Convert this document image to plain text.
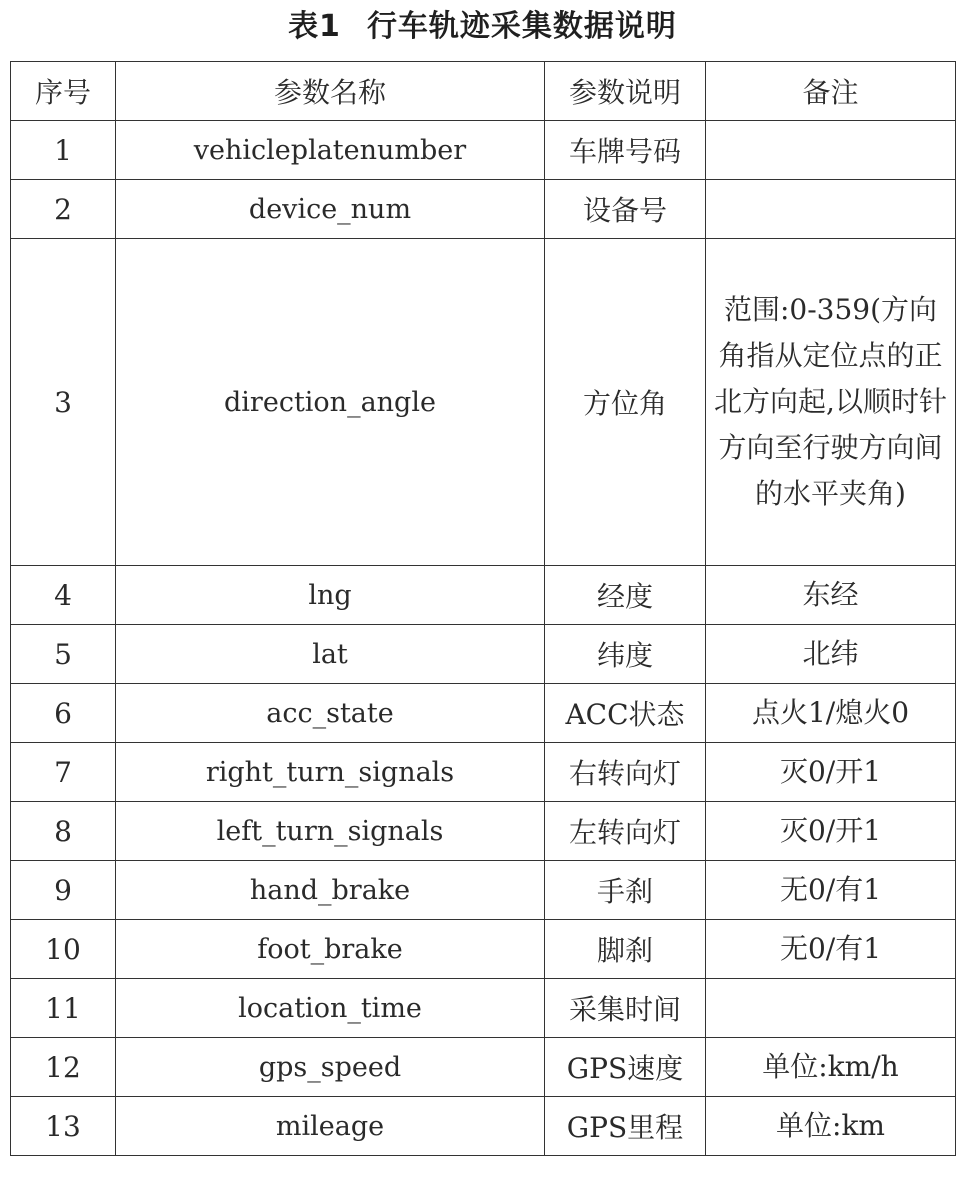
表1 行车轨迹采集数据说明
序号	参数名称	参数说明	备注
1	vehicleplatenumber	车牌号码	
2	device_num	设备号	
3	direction_angle	方位角	范围:0-359(方向角指从定位点的正北方向起,以顺时针方向至行驶方向间的水平夹角)
4	lng	经度	东经
5	lat	纬度	北纬
6	acc_state	ACC状态	点火1/熄火0
7	right_turn_signals	右转向灯	灭0/开1
8	left_turn_signals	左转向灯	灭0/开1
9	hand_brake	手刹	无0/有1
10	foot_brake	脚刹	无0/有1
11	location_time	采集时间	
12	gps_speed	GPS速度	单位:km/h
13	mileage	GPS里程	单位:km
